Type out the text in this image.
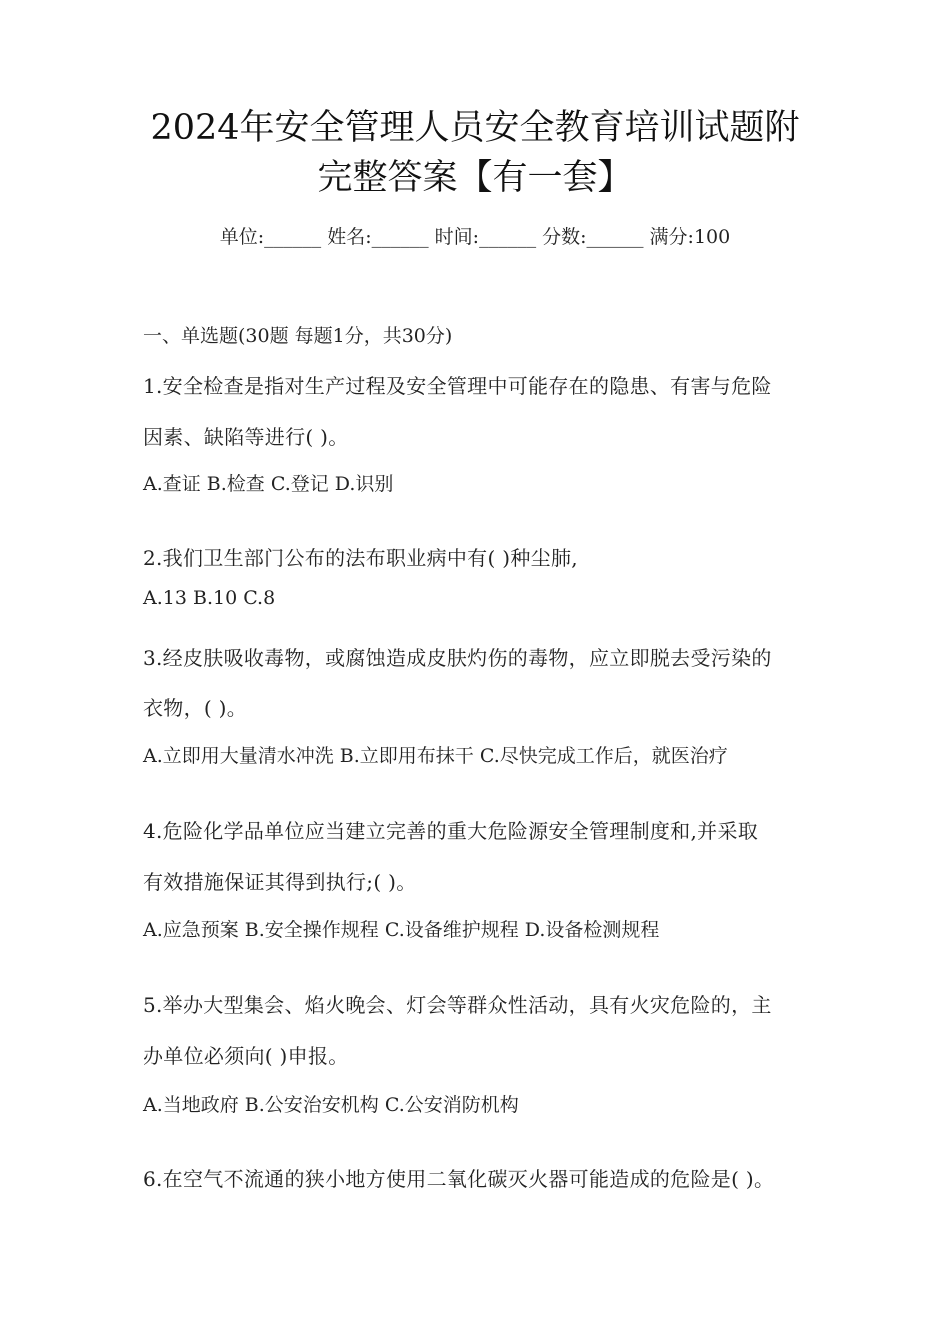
2024年安全管理人员安全教育培训试题附
完整答案【有一套】
单位:______ 姓名:______ 时间:______ 分数:______ 满分:100
一、单选题(30题 每题1分，共30分)
1.安全检查是指对生产过程及安全管理中可能存在的隐患、有害与危险
因素、缺陷等进行( )。
A.查证 B.检查 C.登记 D.识别
2.我们卫生部门公布的法布职业病中有( )种尘肺,
A.13 B.10 C.8
3.经皮肤吸收毒物，或腐蚀造成皮肤灼伤的毒物，应立即脱去受污染的
衣物，( )。
A.立即用大量清水冲洗 B.立即用布抹干 C.尽快完成工作后，就医治疗
4.危险化学品单位应当建立完善的重大危险源安全管理制度和,并采取
有效措施保证其得到执行;( )。
A.应急预案 B.安全操作规程 C.设备维护规程 D.设备检测规程
5.举办大型集会、焰火晚会、灯会等群众性活动，具有火灾危险的，主
办单位必须向( )申报。
A.当地政府 B.公安治安机构 C.公安消防机构
6.在空气不流通的狭小地方使用二氧化碳灭火器可能造成的危险是( )。
